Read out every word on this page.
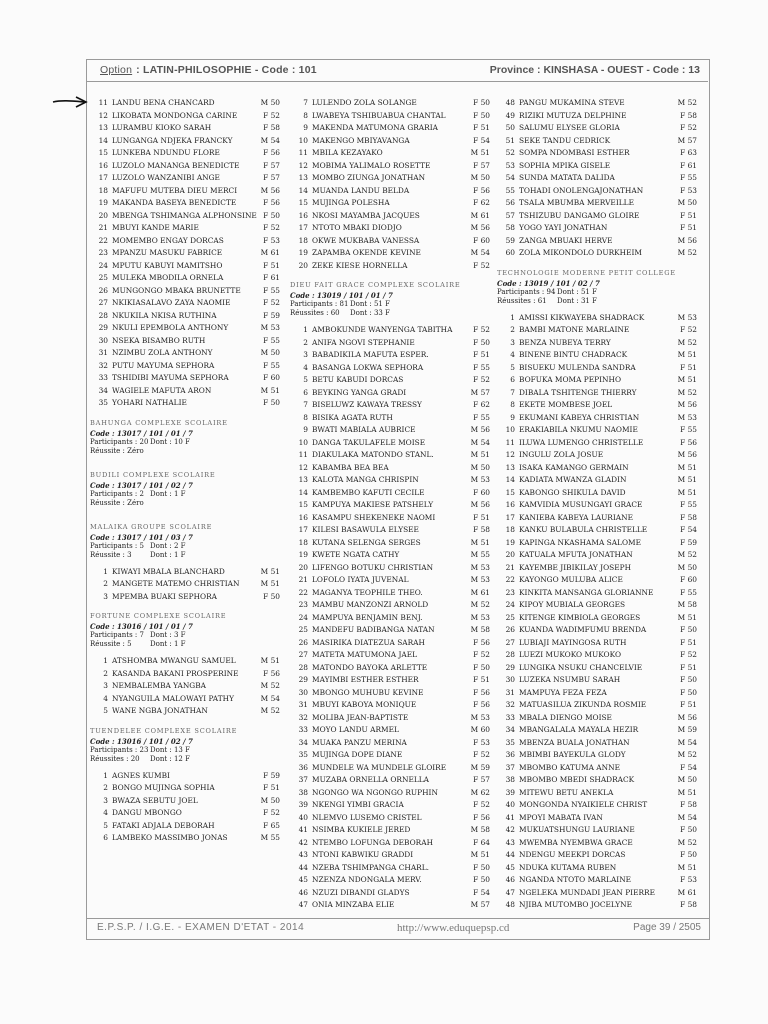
Option : LATIN-PHILOSOPHIE - Code : 101	Province : KINSHASA - OUEST - Code : 13
11 LANDU BENA CHANCARD	M 50
12 LIKOBATA MONDONGA CARINE	F 52
13 LURAMBU KIOKO SARAH	F 58
14 LUNGANGA NDJEKA FRANCKY	M 54
15 LUNKEBA NDUNDU FLORE	F 56
16 LUZOLO MANANGA BENEDICTE	F 57
17 LUZOLO WANZANIBI ANGE	F 57
18 MAFUFU MUTEBA DIEU MERCI	M 56
19 MAKANDA BASEYA BENEDICTE	F 56
20 MBENGA TSHIMANGA ALPHONSINE F 50
21 MBUYI KANDE MARIE	F 52
22 MOMEMBO ENGAY DORCAS	F 53
23 MPANZU MASUKU FABRICE	M 61
24 MPUTU KABUYI MAMITSHO	F 51
25 MULEKA MBODILA ORNELA	F 61
26 MUNGONGO MBAKA BRUNETTE	F 55
27 NKIKIASALAVO ZAYA NAOMIE	F 52
28 NKUKILA NKISA RUTHINA	F 59
29 NKULI EPEMBOLA ANTHONY	M 53
30 NSEKA BISAMBO RUTH	F 55
31 NZIMBU ZOLA ANTHONY	M 50
32 PUTU MAYUMA SEPHORA	F 55
33 TSHIDIBI MAYUMA SEPHORA	F 60
34 WAGIELE MAFUTA ARON	M 51
35 YOHARI NATHALIE	F 50
BAHUNGA COMPLEXE SCOLAIRE
Code : 13017 / 101 / 01 / 7
Participants : 20 Dont : 10 F
Réussite : Zéro
BUDILI COMPLEXE SCOLAIRE
Code : 13017 / 101 / 02 / 7
Participants : 2 Dont : 1 F
Réussite : Zéro
MALAIKA GROUPE SCOLAIRE
Code : 13017 / 101 / 03 / 7
Participants : 5 Dont : 2 F
Réussite : 3	Dont : 1 F
1 KIWAYI MBALA BLANCHARD	M 51
2 MANGETE MATEMO CHRISTIAN	M 51
3 MPEMBA BUAKI SEPHORA	F 50
FORTUNE COMPLEXE SCOLAIRE
Code : 13016 / 101 / 01 / 7
Participants : 7 Dont : 3 F
Réussite : 5	Dont : 1 F
1 ATSHOMBA MWANGU SAMUEL	M 51
2 KASANDA BAKANI PROSPERINE	F 56
3 NEMBALEMBA YANGBA	M 52
4 NYANGUILA MALOWAYI PATHY	M 54
5 WANE NGBA JONATHAN	M 52
TUENDELEE COMPLEXE SCOLAIRE
Code : 13016 / 101 / 02 / 7
Participants : 23 Dont : 13 F
Réussites : 20 Dont : 12 F
1 AGNES KUMBI	F 59
2 BONGO MUJINGA SOPHIA	F 51
3 BWAZA SEBUTU JOEL	M 50
4 DANGU MBONGO	F 52
5 FATAKI ADJALA DEBORAH	F 65
6 LAMBEKO MASSIMBO JONAS	M 55
7 LULENDO ZOLA SOLANGE	F 50
8 LWABEYA TSHIBUABUA CHANTAL	F 50
9 MAKENDA MATUMONA GRARIA	F 51
10 MAKENGO MBIYAVANGA	F 54
11 MBILA KEZAYAKO	M 51
12 MOBIMA YALIMALO ROSETTE	F 57
13 MOMBO ZIUNGA JONATHAN	M 50
14 MUANDA LANDU BELDA	F 56
15 MUJINGA POLESHA	F 62
16 NKOSI MAYAMBA JACQUES	M 61
17 NTOTO MBAKI DIODJO	M 56
18 OKWE MUKBABA VANESSA	F 60
19 ZAPAMBA OKENDE KEVINE	M 54
20 ZEKE KIESE HORNELLA	F 52
DIEU FAIT GRACE COMPLEXE SCOLAIRE
Code : 13019 / 101 / 01 / 7
Participants : 81 Dont : 51 F
Réussites : 60 Dont : 33 F
1 AMBOKUNDE WANYENGA TABITHA	F 52
2 ANIFA NGOVI STEPHANIE	F 50
3 BABADIKILA MAFUTA ESPER.	F 51
4 BASANGA LOKWA SEPHORA	F 55
5 BETU KABUDI DORCAS	F 52
6 BEYKING YANGA GRADI	M 57
7 BISELUWZ KAWAYA TRESSY	F 62
8 BISIKA AGATA RUTH	F 55
9 BWATI MABIALA AUBRICE	M 56
10 DANGA TAKULAFELE MOISE	M 54
11 DIAKULAKA MATONDO STANL.	M 51
12 KABAMBA BEA BEA	M 50
13 KALOTA MANGA CHRISPIN	M 53
14 KAMBEMBO KAFUTI CECILE	F 60
15 KAMPUYA MAKIESE PATSHELY	M 56
16 KASAMPU SHEKENEKE NAOMI	F 51
17 KILESI BASAWULA ELYSEE	F 58
18 KUTANA SELENGA SERGES	M 51
19 KWETE NGATA CATHY	M 55
20 LIFENGO BOTUKU CHRISTIAN	M 53
21 LOFOLO IYATA JUVENAL	M 53
22 MAGANYA TEOPHILE THEO.	M 61
23 MAMBU MANZONZI ARNOLD	M 52
24 MAMPUYA BENJAMIN BENJ.	M 53
25 MANDEFU BADIBANGA NATAN	M 58
26 MASIRIKA DIATEZUA SARAH	F 56
27 MATETA MATUMONA JAEL	F 52
28 MATONDO BAYOKA ARLETTE	F 50
29 MAYIMBI ESTHER ESTHER	F 51
30 MBONGO MUHUBU KEVINE	F 56
31 MBUYI KABOYA MONIQUE	F 56
32 MOLIBA JEAN-BAPTISTE	M 53
33 MOYO LANDU ARMEL	M 60
34 MUAKA PANZU MERINA	F 53
35 MUJINGA DOPE DIANE	F 52
36 MUNDELE WA MUNDELE GLOIRE	M 59
37 MUZABA ORNELLA ORNELLA	F 57
38 NGONGO WA NGONGO RUPHIN	M 62
39 NKENGI YIMBI GRACIA	F 52
40 NLEMVO LUSEMO CRISTEL	F 56
41 NSIMBA KUKIELE JERED	M 58
42 NTEMBO LOFUNGA DEBORAH	F 64
43 NTONI KABWIKU GRADDI	M 51
44 NZEBA TSHIMPANGA CHARL.	F 50
45 NZENZA NDONGALA MERV.	F 50
46 NZUZI DIBANDI GLADYS	F 54
47 ONIA MINZABA ELIE	M 57
48 PANGU MUKAMINA STEVE	M 52
49 RIZIKI MUTUZA DELPHINE	F 58
50 SALUMU ELYSEE GLORIA	F 52
51 SEKE TANDU CEDRICK	M 57
52 SOMPA NDOMBASI ESTHER	F 63
53 SOPHIA MPIKA GISELE	F 61
54 SUNDA MATATA DALIDA	F 55
55 TOHADI ONOLENGAJONATHAN	F 53
56 TSALA MBUMBA MERVEILLE	M 50
57 TSHIZUBU DANGAMO GLOIRE	F 51
58 YOGO YAYI JONATHAN	F 51
59 ZANGA MBUAKI HERVE	M 56
60 ZOLA MIKONDOLO DURKHEIM	M 52
TECHNOLOGIE MODERNE PETIT COLLEGE
Code : 13019 / 101 / 02 / 7
Participants : 94 Dont : 51 F
Réussites : 61 Dont : 31 F
1 AMISSI KIKWAYEBA SHADRACK	M 53
2 BAMBI MATONE MARLAINE	F 52
3 BENZA NUBEYA TERRY	M 52
4 BINENE BINTU CHADRACK	M 51
5 BISUEKU MULENDA SANDRA	F 51
6 BOFUKA MOMA PEPINHO	M 51
7 DIBALA TSHITENGE THIERRY	M 52
8 EKETE MOMBESE JOEL	M 56
9 EKUMANI KABEYA CHRISTIAN	M 53
10 ERAKIABILA NKUMU NAOMIE	F 55
11 ILUWA LUMENGO CHRISTELLE	F 56
12 INGULU ZOLA JOSUE	M 56
13 ISAKA KAMANGO GERMAIN	M 51
14 KADIATA MWANZA GLADIN	M 51
15 KABONGO SHIKULA DAVID	M 51
16 KAMVIDIA MUSUNGAYI GRACE	F 55
17 KANIEBA KABEYA LAURIANE	F 58
18 KANKU BULABULA CHRISTELLE	F 54
19 KAPINGA NKASHAMA SALOME	F 59
20 KATUALA MFUTA JONATHAN	M 52
21 KAYEMBE JIBIKILAY JOSEPH	M 50
22 KAYONGO MULUBA ALICE	F 60
23 KINKITA MANSANGA GLORIANNE	F 55
24 KIPOY MUBIALA GEORGES	M 58
25 KITENGE KIMBIOLA GEORGES	M 51
26 KUANDA WADIMFUMU BRENDA	F 50
27 LUBIAJI MAYINGOSA RUTH	F 51
28 LUEZI MUKOKO MUKOKO	F 52
29 LUNGIKA NSUKU CHANCELVIE	F 51
30 LUZEKA NSUMBU SARAH	F 50
31 MAMPUYA FEZA FEZA	F 50
32 MATUASILUA ZIKUNDA ROSMIE	F 51
33 MBALA DIENGO MOISE	M 56
34 MBANGALALA MAYALA HEZIR	M 59
35 MBENZA BUALA JONATHAN	M 54
36 MBIMBI BAYEKULA GLODY	M 52
37 MBOMBO KATUMA ANNE	F 54
38 MBOMBO MBEDI SHADRACK	M 50
39 MITEWU BETU ANEKLA	M 51
40 MONGONDA NYAIKIELE CHRIST	F 58
41 MPOYI MABATA IVAN	M 54
42 MUKUATSHUNGU LAURIANE	F 50
43 MWEMBA NYEMBWA GRACE	M 52
44 NDENGU MEEKPI DORCAS	F 50
45 NDUKA KUTAMA RUBEN	M 51
46 NGANDA NTOTO MARLAINE	F 53
47 NGELEKA MUNDADI JEAN PIERRE	M 61
48 NJIBA MUTOMBO JOCELYNE	F 58
E.P.S.P. / I.G.E. - EXAMEN D'ETAT - 2014	http://www.eduquepsp.cd	Page 39 / 2505
